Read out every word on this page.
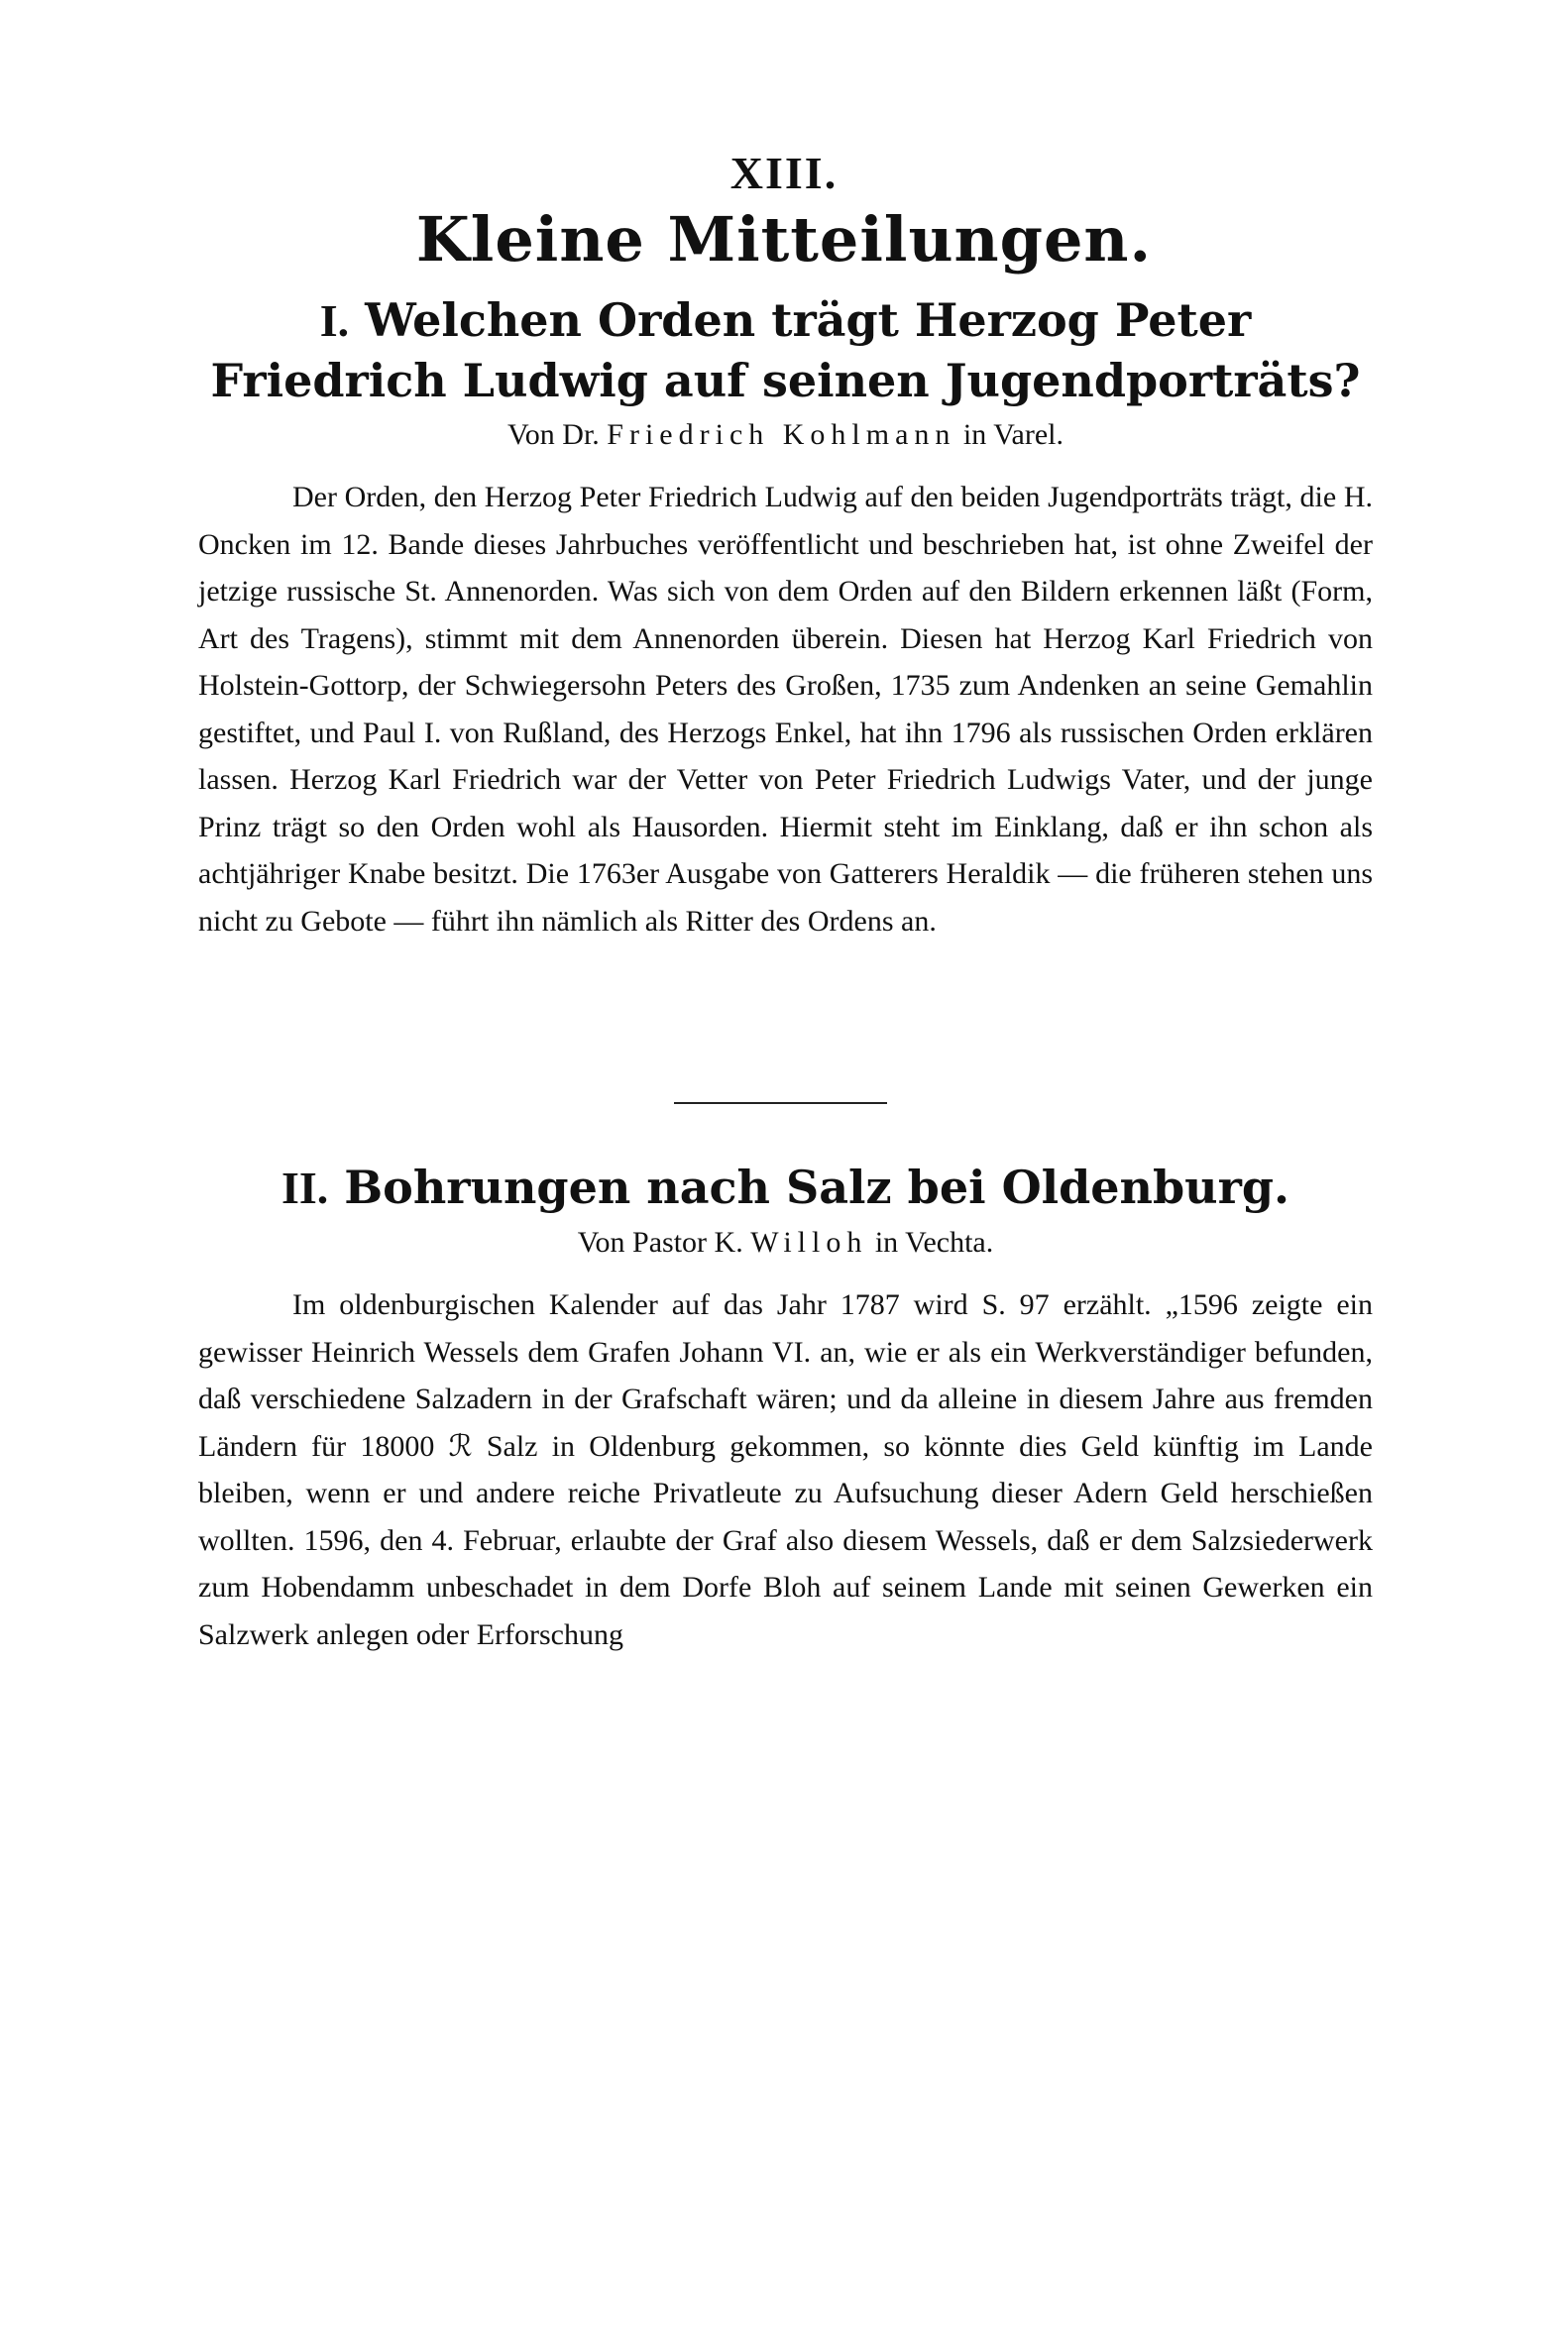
XIII.
Kleine Mitteilungen.
I. Welchen Orden trägt Herzog Peter Friedrich Ludwig auf seinen Jugendporträts?
Von Dr. Friedrich Kohlmann in Varel.

Der Orden, den Herzog Peter Friedrich Ludwig auf den beiden Jugendporträts trägt, die H. Oncken im 12. Bande dieses Jahrbuches veröffentlicht und beschrieben hat, ist ohne Zweifel der jetzige russische St. Annenorden. Was sich von dem Orden auf den Bildern erkennen läßt (Form, Art des Tragens), stimmt mit dem Annenorden überein. Diesen hat Herzog Karl Friedrich von Holstein-Gottorp, der Schwiegersohn Peters des Großen, 1735 zum Andenken an seine Gemahlin gestiftet, und Paul I. von Rußland, des Herzogs Enkel, hat ihn 1796 als russischen Orden erklären lassen. Herzog Karl Friedrich war der Vetter von Peter Friedrich Ludwigs Vater, und der junge Prinz trägt so den Orden wohl als Hausorden. Hiermit steht im Einklang, daß er ihn schon als achtjähriger Knabe besitzt. Die 1763er Ausgabe von Gatterers Heraldik — die früheren stehen uns nicht zu Gebote — führt ihn nämlich als Ritter des Ordens an.

II. Bohrungen nach Salz bei Oldenburg.
Von Pastor K. Willoh in Vechta.

Im oldenburgischen Kalender auf das Jahr 1787 wird S. 97 erzählt. „1596 zeigte ein gewisser Heinrich Wessels dem Grafen Johann VI. an, wie er als ein Werkverständiger befunden, daß verschiedene Salzadern in der Grafschaft wären; und da alleine in diesem Jahre aus fremden Ländern für 18000 ℛ Salz in Oldenburg gekommen, so könnte dies Geld künftig im Lande bleiben, wenn er und andere reiche Privatleute zu Aufsuchung dieser Adern Geld herschießen wollten. 1596, den 4. Februar, erlaubte der Graf also diesem Wessels, daß er dem Salzsiederwerk zum Hobendamm unbeschadet in dem Dorfe Bloh auf seinem Lande mit seinen Gewerken ein Salzwerk anlegen oder Erforschung
